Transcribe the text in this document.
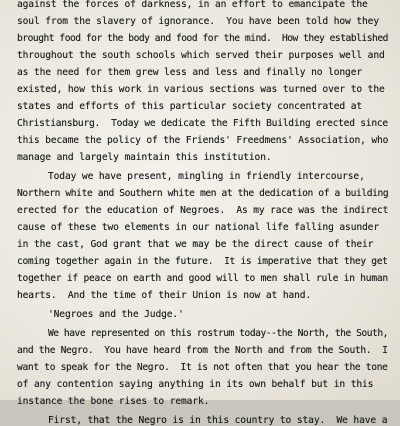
against the forces of darkness, in an effort to emancipate the
soul from the slavery of ignorance.  You have been told how they
brought food for the body and food for the mind.  How they established
throughout the south schools which served their purposes well and
as the need for them grew less and less and finally no longer
existed, how this work in various sections was turned over to the
states and efforts of this particular society concentrated at
Christiansburg.  Today we dedicate the Fifth Building erected since
this became the policy of the Friends' Freedmens' Association, who
manage and largely maintain this institution.
Today we have present, mingling in friendly intercourse,
Northern white and Southern white men at the dedication of a building
erected for the education of Negroes.  As my race was the indirect
cause of these two elements in our national life falling asunder
in the cast, God grant that we may be the direct cause of their
coming together again in the future.  It is imperative that they get
together if peace on earth and good will to men shall rule in human
hearts.  And the time of their Union is now at hand.
'Negroes and the Judge.'
We have represented on this rostrum today--the North, the South,
and the Negro.  You have heard from the North and from the South.  I
want to speak for the Negro.  It is not often that you hear the tone
of any contention saying anything in its own behalf but in this
instance the bone rises to remark.
First, that the Negro is in this country to stay.  We have a
